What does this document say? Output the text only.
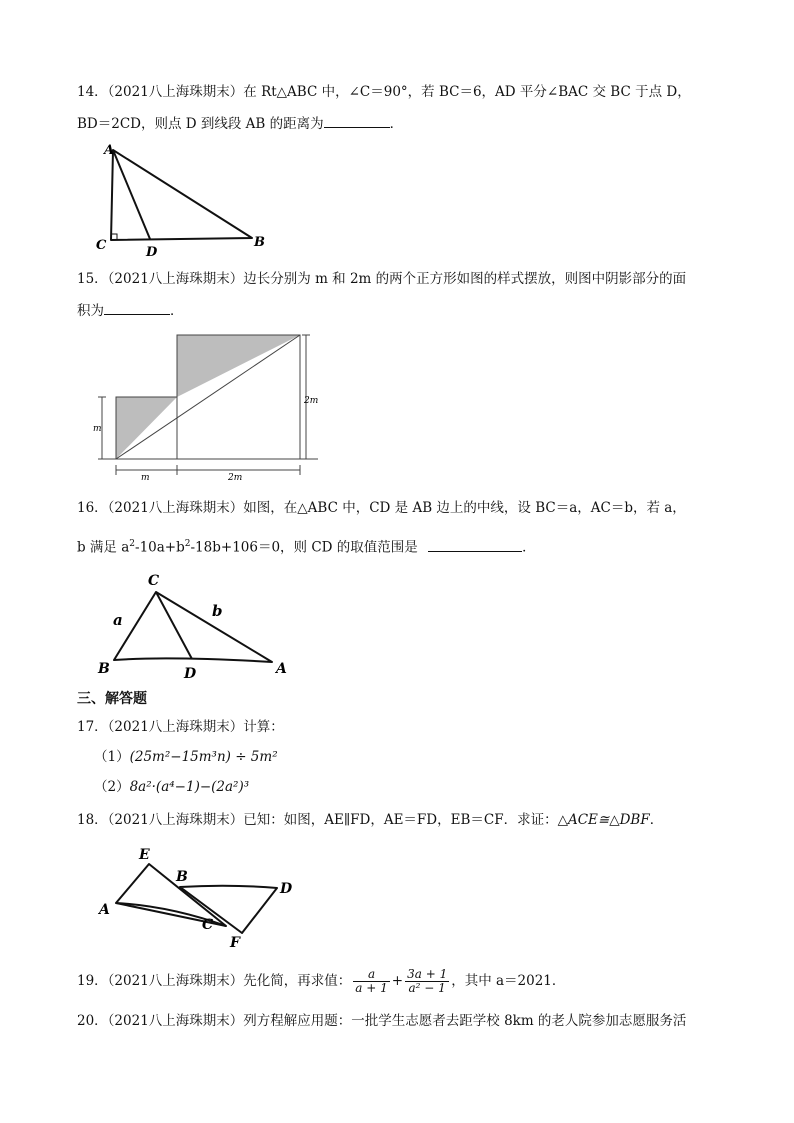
14．（2021八上海珠期末）在 Rt△ABC 中，∠C＝90°，若 BC＝6，AD 平分∠BAC 交 BC 于点 D，
BD＝2CD，则点 D 到线段 AB 的距离为	．
A
C	D
B
15．（2021八上海珠期末）边长分别为 m 和 2m 的两个正方形如图的样式摆放，则图中阴影部分的面
积为	．
m
m	2m
2m
16．（2021八上海珠期末）如图，在△ABC 中，CD 是 AB 边上的中线，设 BC＝a，AC＝b，若 a，
b 满足 $a^2-10a+b^2-18b+106=0$，则 CD 的取值范围是	．
C
a	b
B	D	A
三、解答题
17．（2021八上海珠期末）计算：
（1）(25m²−15m³n) ÷ 5m²
（2）8a²·(a⁴−1)−(2a²)³
18．（2021八上海珠期末）已知：如图，AE∥FD，AE＝FD，EB＝CF．求证：△ACE≅△DBF．
E
B
D
A
C
F
19．（2021八上海珠期末）先化简，再求值： $\frac{a}{a + 1} + \frac{3a + 1}{\text{a² − 1}}$ ，其中 a＝2021．
20．（2021八上海珠期末）列方程解应用题：一批学生志愿者去距学校 8km 的老人院参加志愿服务活
